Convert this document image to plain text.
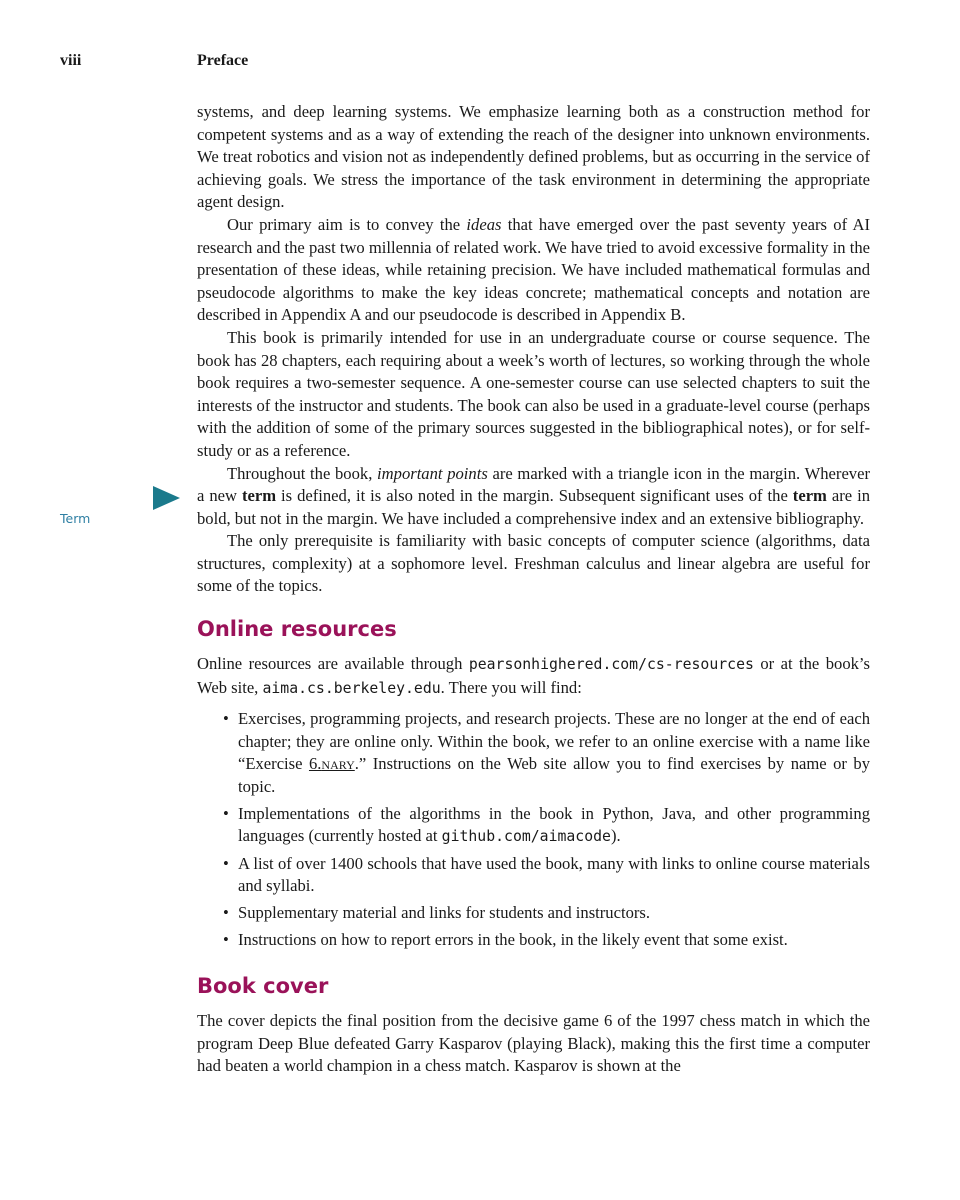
viii	Preface
Term

systems, and deep learning systems. We emphasize learning both as a construction method for competent systems and as a way of extending the reach of the designer into unknown environments. We treat robotics and vision not as independently defined problems, but as occurring in the service of achieving goals. We stress the importance of the task environment in determining the appropriate agent design.

Our primary aim is to convey the ideas that have emerged over the past seventy years of AI research and the past two millennia of related work. We have tried to avoid excessive formality in the presentation of these ideas, while retaining precision. We have included mathematical formulas and pseudocode algorithms to make the key ideas concrete; mathematical concepts and notation are described in Appendix A and our pseudocode is described in Appendix B.

This book is primarily intended for use in an undergraduate course or course sequence. The book has 28 chapters, each requiring about a week’s worth of lectures, so working through the whole book requires a two-semester sequence. A one-semester course can use selected chapters to suit the interests of the instructor and students. The book can also be used in a graduate-level course (perhaps with the addition of some of the primary sources suggested in the bibliographical notes), or for self-study or as a reference.

Throughout the book, important points are marked with a triangle icon in the margin. Wherever a new term is defined, it is also noted in the margin. Subsequent significant uses of the term are in bold, but not in the margin. We have included a comprehensive index and an extensive bibliography.

The only prerequisite is familiarity with basic concepts of computer science (algorithms, data structures, complexity) at a sophomore level. Freshman calculus and linear algebra are useful for some of the topics.

Online resources

Online resources are available through pearsonhighered.com/cs-resources or at the book’s Web site, aima.cs.berkeley.edu. There you will find:

• Exercises, programming projects, and research projects. These are no longer at the end of each chapter; they are online only. Within the book, we refer to an online exercise with a name like “Exercise 6.nary.” Instructions on the Web site allow you to find exercises by name or by topic.
• Implementations of the algorithms in the book in Python, Java, and other programming languages (currently hosted at github.com/aimacode).
• A list of over 1400 schools that have used the book, many with links to online course materials and syllabi.
• Supplementary material and links for students and instructors.
• Instructions on how to report errors in the book, in the likely event that some exist.
Book cover

The cover depicts the final position from the decisive game 6 of the 1997 chess match in which the program Deep Blue defeated Garry Kasparov (playing Black), making this the first time a computer had beaten a world champion in a chess match. Kasparov is shown at the
